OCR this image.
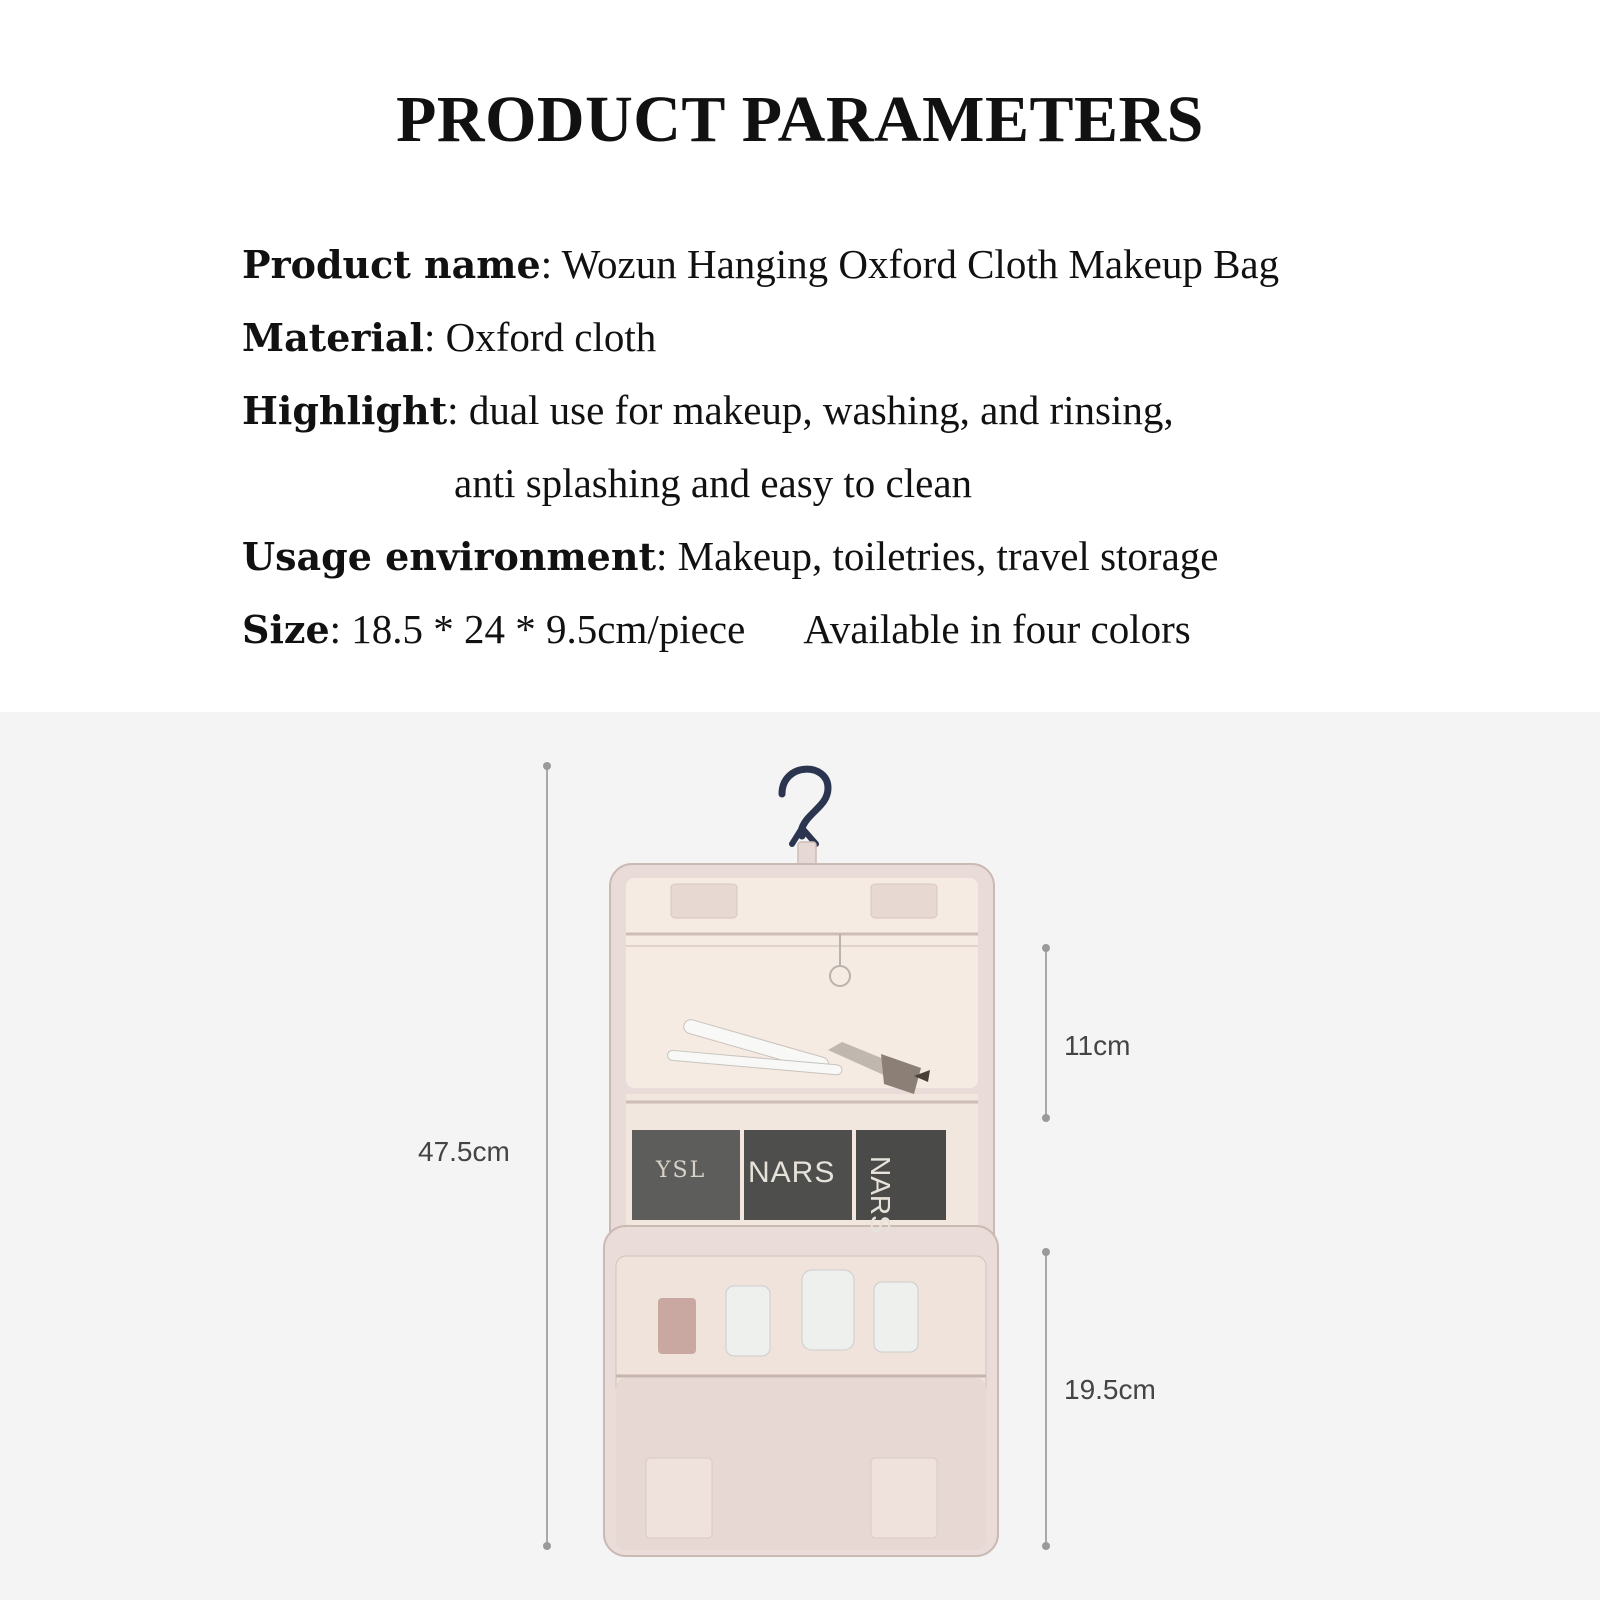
PRODUCT PARAMETERS
Product name: Wozun Hanging Oxford Cloth Makeup Bag
Material: Oxford cloth
Highlight: dual use for makeup, washing, and rinsing,
anti splashing and easy to clean
Usage environment: Makeup, toiletries, travel storage
Size: 18.5 * 24 * 9.5cm/piece Available in four colors
47.5cm
11cm
19.5cm
YSL NARS NARS
